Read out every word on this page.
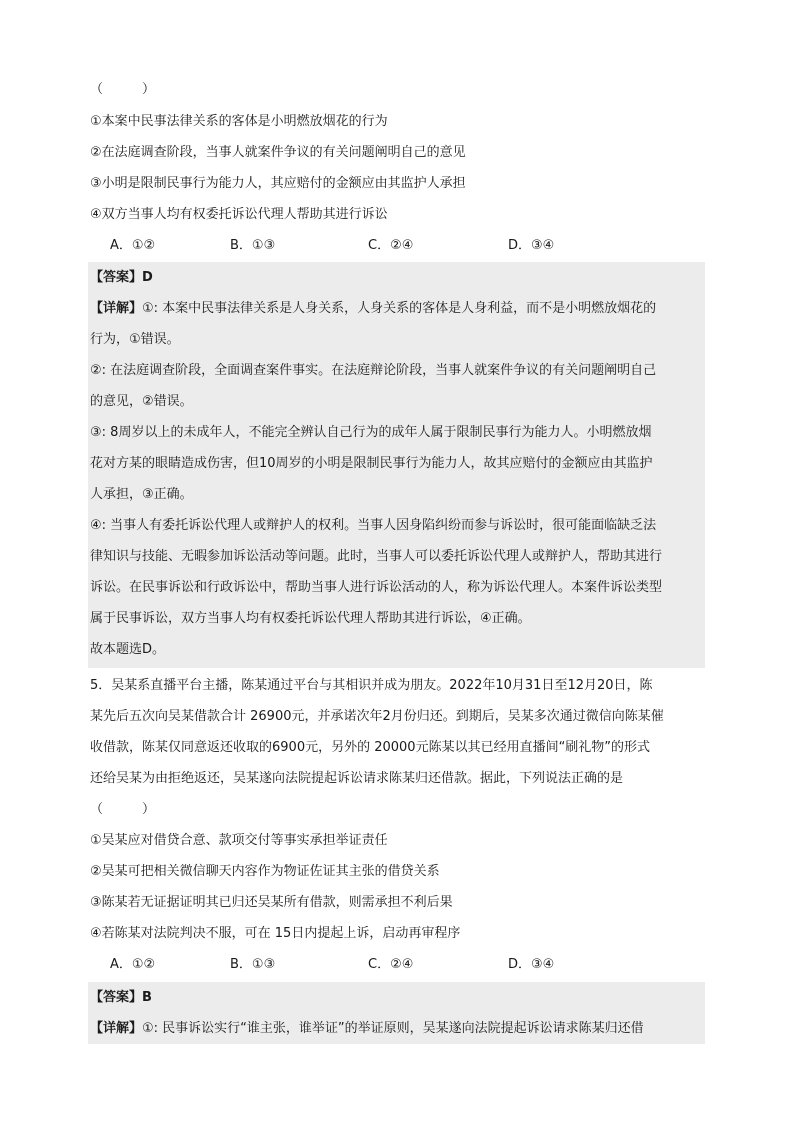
（　　　）
①本案中民事法律关系的客体是小明燃放烟花的行为
②在法庭调查阶段，当事人就案件争议的有关问题阐明自己的意见
③小明是限制民事行为能力人，其应赔付的金额应由其监护人承担
④双方当事人均有权委托诉讼代理人帮助其进行诉讼
A．①②	B．①③	C．②④	D．③④
【答案】D
【详解】①: 本案中民事法律关系是人身关系，人身关系的客体是人身利益，而不是小明燃放烟花的
行为，①错误。
②: 在法庭调查阶段，全面调查案件事实。在法庭辩论阶段，当事人就案件争议的有关问题阐明自己
的意见，②错误。
③: 8周岁以上的未成年人，不能完全辨认自己行为的成年人属于限制民事行为能力人。小明燃放烟
花对方某的眼睛造成伤害，但10周岁的小明是限制民事行为能力人，故其应赔付的金额应由其监护
人承担，③正确。
④: 当事人有委托诉讼代理人或辩护人的权利。当事人因身陷纠纷而参与诉讼时，很可能面临缺乏法
律知识与技能、无暇参加诉讼活动等问题。此时，当事人可以委托诉讼代理人或辩护人，帮助其进行
诉讼。在民事诉讼和行政诉讼中，帮助当事人进行诉讼活动的人，称为诉讼代理人。本案件诉讼类型
属于民事诉讼，双方当事人均有权委托诉讼代理人帮助其进行诉讼，④正确。
故本题选D。
5．吴某系直播平台主播，陈某通过平台与其相识并成为朋友。2022年10月31日至12月20日，陈
某先后五次向吴某借款合计 26900元，并承诺次年2月份归还。到期后，吴某多次通过微信向陈某催
收借款，陈某仅同意返还收取的6900元，另外的 20000元陈某以其已经用直播间“刷礼物”的形式
还给吴某为由拒绝返还，吴某遂向法院提起诉讼请求陈某归还借款。据此，下列说法正确的是
（　　　）
①吴某应对借贷合意、款项交付等事实承担举证责任
②吴某可把相关微信聊天内容作为物证佐证其主张的借贷关系
③陈某若无证据证明其已归还吴某所有借款，则需承担不利后果
④若陈某对法院判决不服，可在 15日内提起上诉，启动再审程序
A．①②	B．①③	C．②④	D．③④
【答案】B
【详解】①: 民事诉讼实行“谁主张，谁举证”的举证原则，吴某遂向法院提起诉讼请求陈某归还借
